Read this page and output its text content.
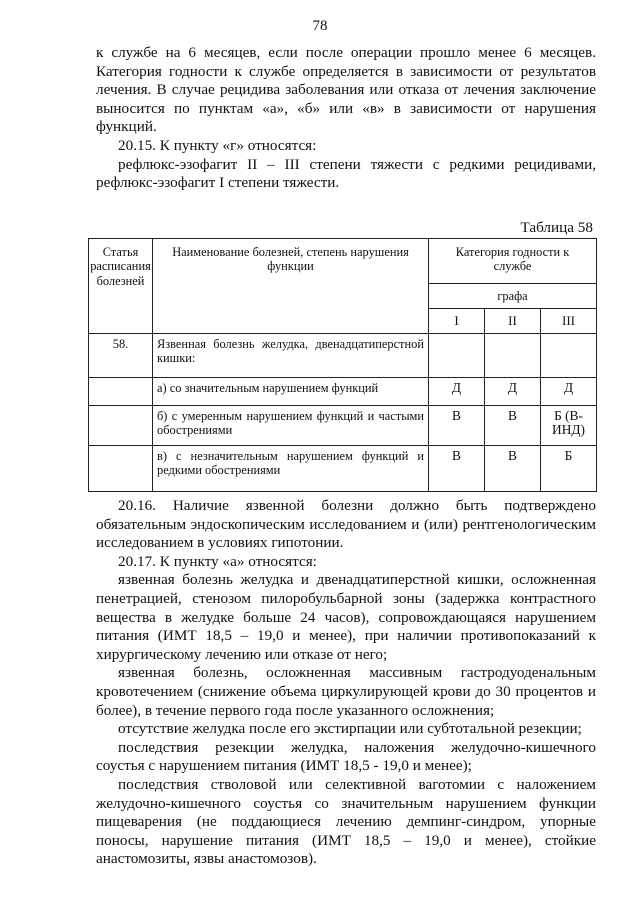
78

к службе на 6 месяцев, если после операции прошло менее 6 месяцев. Категория годности к службе определяется в зависимости от результатов лечения. В случае рецидива заболевания или отказа от лечения заключение выносится по пунктам «а», «б» или «в» в зависимости от нарушения функций.

20.15. К пункту «г» относятся:

рефлюкс-эзофагит II – III степени тяжести с редкими рецидивами, рефлюкс-эзофагит I степени тяжести.

Таблица 58
Статья расписания болезней	Наименование болезней, степень нарушения функции	Категория годности к службе		
		графа		
		I	II	III
58.	Язвенная болезнь желудка, двенадцатиперстной кишки:			
	а) со значительным нарушением функций	Д	Д	Д
	б) с умеренным нарушением функций и частыми обострениями	В	В	Б (В-ИНД)
	в) с незначительным нарушением функций и редкими обострениями	В	В	Б

20.16. Наличие язвенной болезни должно быть подтверждено обязательным эндоскопическим исследованием и (или) рентгенологическим исследованием в условиях гипотонии.

20.17. К пункту «а» относятся:

язвенная болезнь желудка и двенадцатиперстной кишки, осложненная пенетрацией, стенозом пилоробульбарной зоны (задержка контрастного вещества в желудке больше 24 часов), сопровождающаяся нарушением питания (ИМТ 18,5 – 19,0 и менее), при наличии противопоказаний к хирургическому лечению или отказе от него;

язвенная болезнь, осложненная массивным гастродуоденальным кровотечением (снижение объема циркулирующей крови до 30 процентов и более), в течение первого года после указанного осложнения;

отсутствие желудка после его экстирпации или субтотальной резекции;

последствия резекции желудка, наложения желудочно-кишечного соустья с нарушением питания (ИМТ 18,5 - 19,0 и менее);

последствия стволовой или селективной ваготомии с наложением желудочно-кишечного соустья со значительным нарушением функции пищеварения (не поддающиеся лечению демпинг-синдром, упорные поносы, нарушение питания (ИМТ 18,5 – 19,0 и менее), стойкие анастомозиты, язвы анастомозов).
